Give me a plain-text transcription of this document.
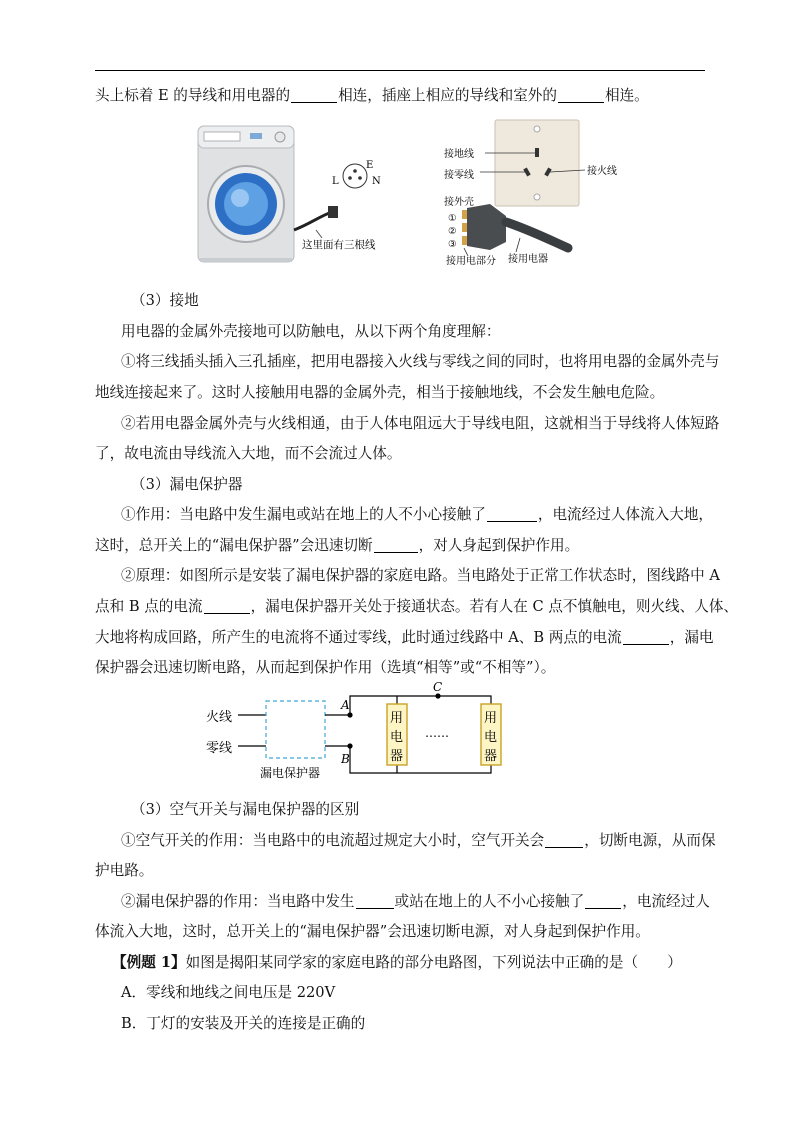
头上标着 E 的导线和用电器的	相连，插座上相应的导线和室外的	相连。
E
L	N
这里面有三根线
接地线
接零线	接火线
接外壳
①
②
③
接用电部分 接用电器
（3）接地
用电器的金属外壳接地可以防触电，从以下两个角度理解：
①将三线插头插入三孔插座，把用电器接入火线与零线之间的同时，也将用电器的金属外壳与
地线连接起来了。这时人接触用电器的金属外壳，相当于接触地线，不会发生触电危险。
②若用电器金属外壳与火线相通，由于人体电阻远大于导线电阻，这就相当于导线将人体短路
了，故电流由导线流入大地，而不会流过人体。
（3）漏电保护器
①作用：当电路中发生漏电或站在地上的人不小心接触了	，电流经过人体流入大地，
这时，总开关上的“漏电保护器”会迅速切断	，对人身起到保护作用。
②原理：如图所示是安装了漏电保护器的家庭电路。当电路处于正常工作状态时，图线路中 A
点和 B 点的电流	，漏电保护器开关处于接通状态。若有人在 C 点不慎触电，则火线、人体、
大地将构成回路，所产生的电流将不通过零线，此时通过线路中 A、B 两点的电流	，漏电
保护器会迅速切断电路，从而起到保护作用（选填“相等”或“不相等”）。
火线
零线
漏电保护器
A
B
C
用
电
器
……
用
电
器
（3）空气开关与漏电保护器的区别
①空气开关的作用：当电路中的电流超过规定大小时，空气开关会	，切断电源，从而保
护电路。
②漏电保护器的作用：当电路中发生	或站在地上的人不小心接触了	，电流经过人
体流入大地，这时，总开关上的“漏电保护器”会迅速切断电源，对人身起到保护作用。
【例题 1】如图是揭阳某同学家的家庭电路的部分电路图，下列说法中正确的是（　　）
A．零线和地线之间电压是 220V
B．丁灯的安装及开关的连接是正确的
